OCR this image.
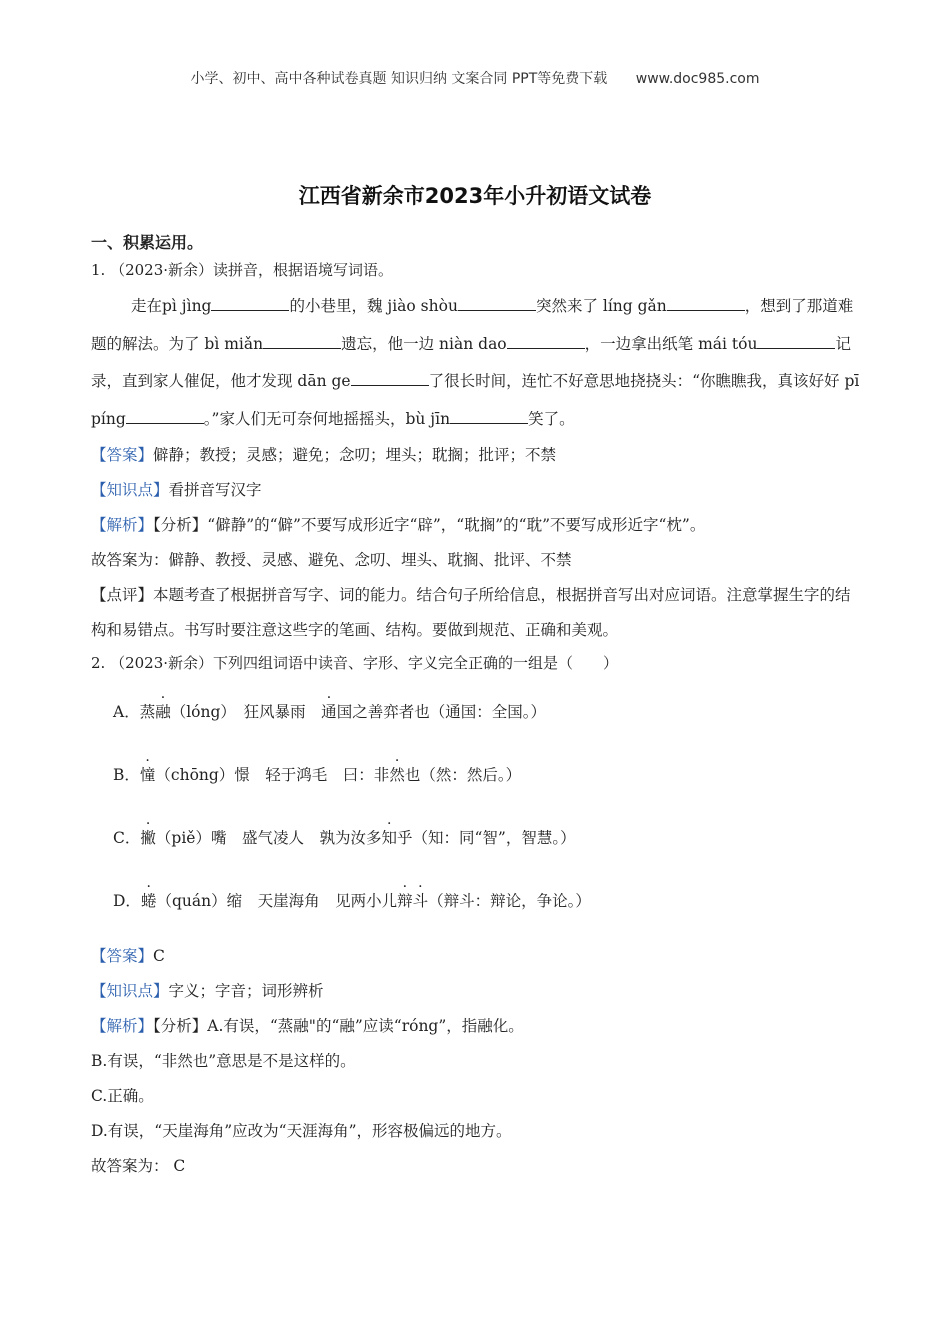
小学、初中、高中各种试卷真题 知识归纳 文案合同 PPT等免费下载 www.doc985.com
江西省新余市2023年小升初语文试卷

一、积累运用。

1. （2023·新余）读拼音，根据语境写词语。

走在pì jìng	的小巷里，魏 jiào shòu	突然来了 líng gǎn	，想到了那道难题的解法。为了 bì miǎn	遗忘，他一边 niàn dao	，一边拿出纸笔 mái tóu	记录，直到家人催促，他才发现 dān ge	了很长时间，连忙不好意思地挠挠头：“你瞧瞧我，真该好好 pī píng	。”家人们无可奈何地摇摇头，bù jīn	笑了。

【答案】僻静；教授；灵感；避免；念叨；埋头；耽搁；批评；不禁

【知识点】看拼音写汉字

【解析】【分析】“僻静”的“僻”不要写成形近字“辟”，“耽搁”的“耽”不要写成形近字“枕”。

故答案为：僻静、教授、灵感、避免、念叨、埋头、耽搁、批评、不禁

【点评】本题考查了根据拼音写字、词的能力。结合句子所给信息，根据拼音写出对应词语。注意掌握生字的结构和易错点。书写时要注意这些字的笔画、结构。要做到规范、正确和美观。

2. （2023·新余）下列四组词语中读音、字形、字义完全正确的一组是（　　）

A．蒸· 融（lóng）　狂风暴雨　· 通国之善弈者也（通国：全国。）

B．· 憧（chōng）憬　轻于鸿毛　曰：非· 然也（然：然后。）

C．· 撇（piě）嘴　盛气凌人　孰为汝多· 知乎（知：同“智”，智慧。）

D．· 蜷（quán）缩　天崖海角　见两小儿· 辩· 斗（辩斗：辩论，争论。）

【答案】C

【知识点】字义；字音；词形辨析

【解析】【分析】A.有误，“蒸融"的“融”应读“róng”，指融化。

B.有误，“非然也”意思是不是这样的。

C.正确。

D.有误，“天崖海角”应改为“天涯海角”，形容极偏远的地方。

故答案为： C
